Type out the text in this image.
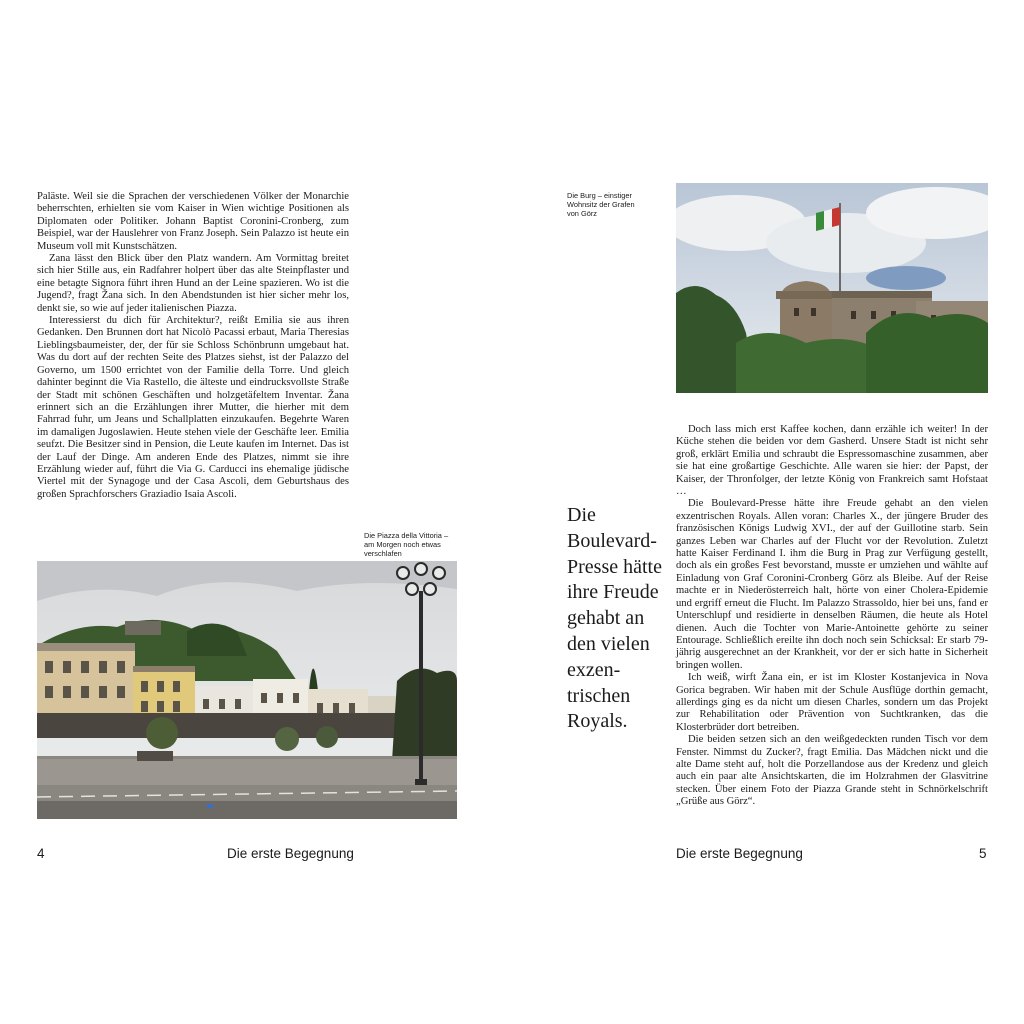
Paläste. Weil sie die Sprachen der verschiedenen Völker der Monarchie beherrschten, erhielten sie vom Kaiser in Wien wichtige Positionen als Diplomaten oder Politiker. Johann Baptist Coronini-Cronberg, zum Beispiel, war der Hauslehrer von Franz Joseph. Sein Palazzo ist heute ein Museum voll mit Kunstschätzen.

Zana lässt den Blick über den Platz wandern. Am Vormittag breitet sich hier Stille aus, ein Radfahrer holpert über das alte Steinpflaster und eine betagte Signora führt ihren Hund an der Leine spazieren. Wo ist die Jugend?, fragt Žana sich. In den Abendstunden ist hier sicher mehr los, denkt sie, so wie auf jeder italienischen Piazza.

Interessierst du dich für Architektur?, reißt Emilia sie aus ihren Gedanken. Den Brunnen dort hat Nicolò Pacassi erbaut, Maria Theresias Lieblingsbaumeister, der, der für sie Schloss Schönbrunn umgebaut hat. Was du dort auf der rechten Seite des Platzes siehst, ist der Palazzo del Governo, um 1500 errichtet von der Familie della Torre. Und gleich dahinter beginnt die Via Rastello, die älteste und eindrucksvollste Straße der Stadt mit schönen Geschäften und holzgetäfeltem Inventar. Žana erinnert sich an die Erzählungen ihrer Mutter, die hierher mit dem Fahrrad fuhr, um Jeans und Schallplatten einzukaufen. Begehrte Waren im damaligen Jugoslawien. Heute stehen viele der Geschäfte leer. Emilia seufzt. Die Besitzer sind in Pension, die Leute kaufen im Internet. Das ist der Lauf der Dinge. Am anderen Ende des Platzes, nimmt sie ihre Erzählung wieder auf, führt die Via G. Carducci ins ehemalige jüdische Viertel mit der Synagoge und der Casa Ascoli, dem Geburtshaus des großen Sprachforschers Graziadio Isaia Ascoli.

Die Piazza della Vittoria – am Morgen noch etwas verschlafen
4	Die erste Begegnung
Die Burg – einstiger Wohnsitz der Grafen von Görz

Doch lass mich erst Kaffee kochen, dann erzähle ich weiter! In der Küche stehen die beiden vor dem Gasherd. Unsere Stadt ist nicht sehr groß, erklärt Emilia und schraubt die Espressomaschine zusammen, aber sie hat eine großartige Geschichte. Alle waren sie hier: der Papst, der Kaiser, der Thronfolger, der letzte König von Frankreich samt Hofstaat …

Die Boulevard-Presse hätte ihre Freude gehabt an den vielen exzentrischen Royals. Allen voran: Charles X., der jüngere Bruder des französischen Königs Ludwig XVI., der auf der Guillotine starb. Sein ganzes Leben war Charles auf der Flucht vor der Revolution. Zuletzt hatte Kaiser Ferdinand I. ihm die Burg in Prag zur Verfügung gestellt, doch als ein großes Fest bevorstand, musste er umziehen und wählte auf Einladung von Graf Coronini-Cronberg Görz als Bleibe. Auf der Reise machte er in Niederösterreich halt, hörte von einer Cholera-Epidemie und ergriff erneut die Flucht. Im Palazzo Strassoldo, hier bei uns, fand er Unterschlupf und residierte in denselben Räumen, die heute als Hotel dienen. Auch die Tochter von Marie-Antoinette gehörte zu seiner Entourage. Schließlich ereilte ihn doch noch sein Schicksal: Er starb 79-jährig ausgerechnet an der Krankheit, vor der er sich hatte in Sicherheit bringen wollen.

Ich weiß, wirft Žana ein, er ist im Kloster Kostanjevica in Nova Gorica begraben. Wir haben mit der Schule Ausflüge dorthin gemacht, allerdings ging es da nicht um diesen Charles, sondern um das Projekt zur Rehabilitation oder Prävention von Suchtkranken, das die Klosterbrüder dort betreiben.

Die beiden setzen sich an den weißgedeckten runden Tisch vor dem Fenster. Nimmst du Zucker?, fragt Emilia. Das Mädchen nickt und die alte Dame steht auf, holt die Porzellandose aus der Kredenz und gleich auch ein paar alte Ansichtskarten, die im Holzrahmen der Glasvitrine stecken. Über einem Foto der Piazza Grande steht in Schnörkelschrift „Grüße aus Görz“.

Die Boulevard-Presse hätte ihre Freude gehabt an den vielen exzen-trischen Royals.
Die erste Begegnung	5
